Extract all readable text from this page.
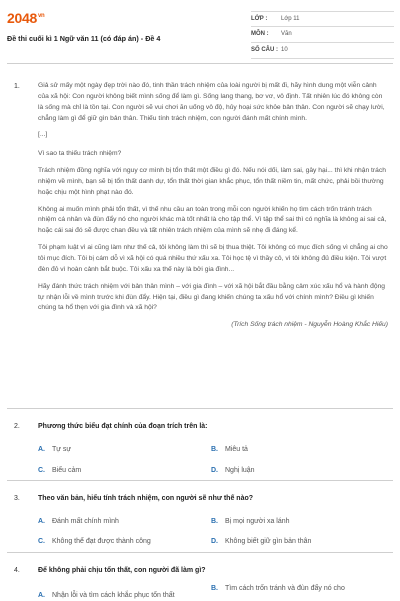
$2048^{vn}$
Đề thi cuối kì 1 Ngữ văn 11 (có đáp án) - Đề 4
LỚP :	Lớp 11
MÔN :	Văn
SỐ CÂU : 10
1.	Giả sử mấy một ngày đẹp trời nào đó, tinh thần trách nhiệm của loài người bị mất đi, hãy hình dung một viễn cảnh của xã hội: Con người không biết mình sống để làm gì. Sống lang thang, bơ vơ, vô định. Tất nhiên lúc đó không còn là sống mà chỉ là tồn tại. Con người sẽ vui chơi ăn uống vô độ, hủy hoại sức khỏe bản thân. Con người sẽ chạy lười, chẳng làm gì để giữ gìn bản thân. Thiếu tính trách nhiệm, con người đánh mất chính mình.

[...]

Vì sao ta thiếu trách nhiệm?

Trách nhiệm đồng nghĩa với nguy cơ mình bị tổn thất một điều gì đó. Nếu nói dối, làm sai, gây hại... thì khi nhận trách nhiệm về mình, bạn sẽ bị tổn thất danh dự, tổn thất thời gian khắc phục, tổn thất niềm tin, mất chức, phải bồi thường hoặc chịu một hình phạt nào đó.

Không ai muốn mình phải tổn thất, vì thế nhu cầu an toàn trong mỗi con người khiến họ tìm cách trốn tránh trách nhiệm cá nhân và đùn đẩy nó cho người khác mà tốt nhất là cho tập thể. Vì tập thể sai thì có nghĩa là không ai sai cả, hoặc cái sai đó sẽ được chan đều và tất nhiên trách nhiệm của mình sẽ nhẹ đi đáng kể.

Tôi phạm luật vì ai cũng làm như thế cả, tôi không làm thì sẽ bị thua thiệt. Tôi không có mục đích sống vì chẳng ai cho tôi mục đích. Tôi bị cám dỗ vì xã hội có quá nhiều thứ xấu xa. Tôi học tệ vì thầy cô, vì tôi không đủ điều kiện. Tôi vượt đèn đỏ vì hoàn cảnh bắt buộc. Tôi xấu xa thế này là bởi gia đình...

Hãy đánh thức trách nhiệm với bản thân mình – với gia đình – với xã hội bắt đầu bằng cảm xúc xấu hổ và hành động tự nhận lỗi về mình trước khi đùn đẩy. Hiện tại, điều gì đang khiến chúng ta xấu hổ với chính mình? Điều gì khiến chúng ta hổ thẹn với gia đình và xã hội?

(Trích Sống trách nhiệm - Nguyễn Hoàng Khắc Hiếu)

2.	Phương thức biểu đạt chính của đoạn trích trên là:
A. Tự sự	B. Miêu tả
C. Biểu cảm	D. Nghị luận
3.	Theo văn bản, hiểu tính trách nhiệm, con người sẽ như thế nào?
A. Đánh mất chính mình	B. Bị mọi người xa lánh
C. Không thể đạt được thành công	D. Không biết giữ gìn bản thân
4.	Để không phải chịu tổn thất, con người đã làm gì?
A. Nhận lỗi và tìm cách khắc phục tổn thất
B. Tìm cách trốn tránh và đùn đẩy nó cho
